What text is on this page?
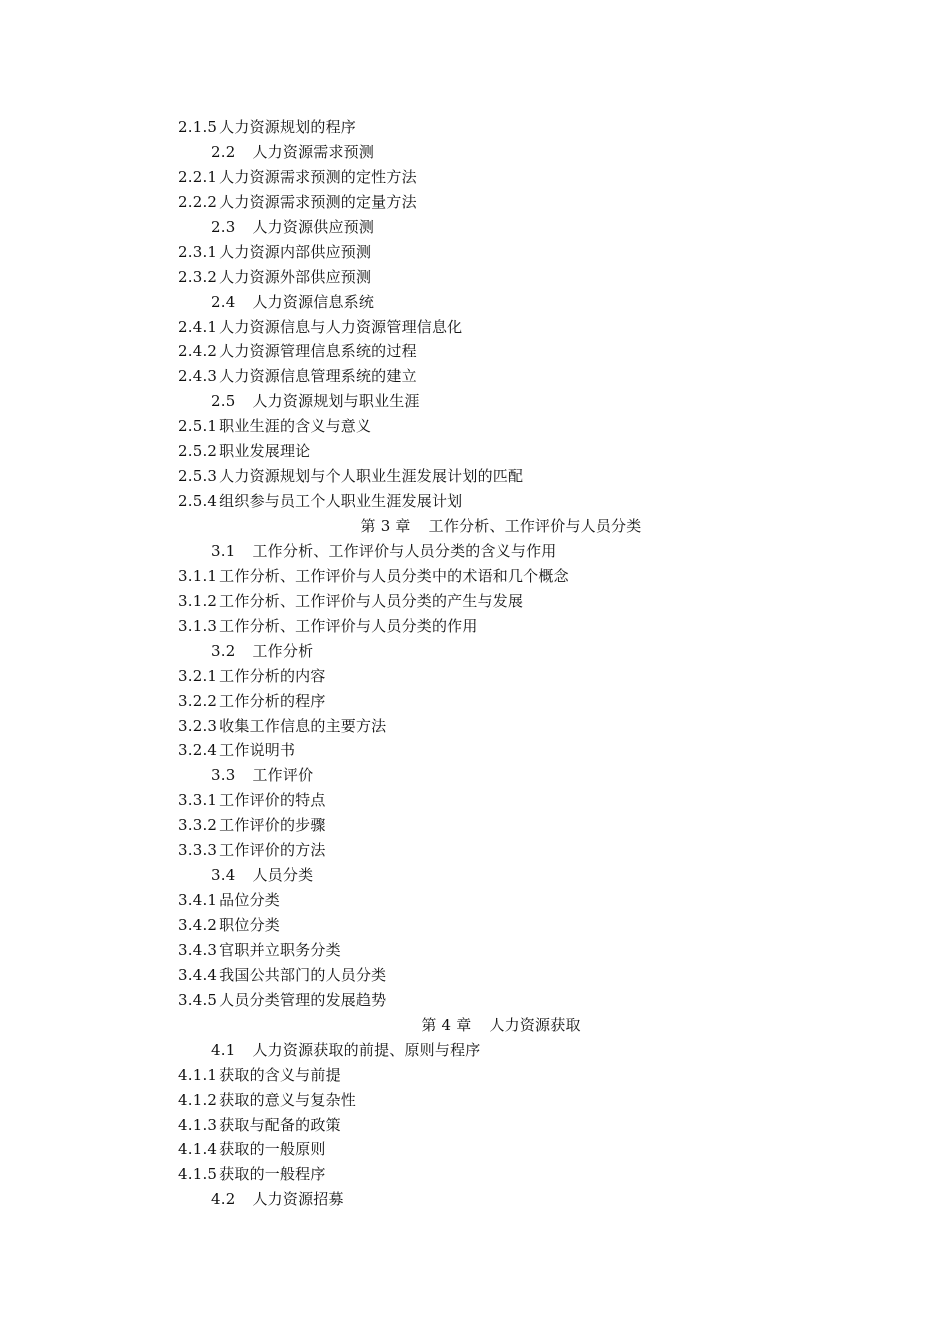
2.1.5 人力资源规划的程序
2.2 人力资源需求预测
2.2.1 人力资源需求预测的定性方法
2.2.2 人力资源需求预测的定量方法
2.3 人力资源供应预测
2.3.1 人力资源内部供应预测
2.3.2 人力资源外部供应预测
2.4 人力资源信息系统
2.4.1 人力资源信息与人力资源管理信息化
2.4.2 人力资源管理信息系统的过程
2.4.3 人力资源信息管理系统的建立
2.5 人力资源规划与职业生涯
2.5.1 职业生涯的含义与意义
2.5.2 职业发展理论
2.5.3 人力资源规划与个人职业生涯发展计划的匹配
2.5.4 组织参与员工个人职业生涯发展计划
第 3 章 工作分析、工作评价与人员分类
3.1 工作分析、工作评价与人员分类的含义与作用
3.1.1 工作分析、工作评价与人员分类中的术语和几个概念
3.1.2 工作分析、工作评价与人员分类的产生与发展
3.1.3 工作分析、工作评价与人员分类的作用
3.2 工作分析
3.2.1 工作分析的内容
3.2.2 工作分析的程序
3.2.3 收集工作信息的主要方法
3.2.4 工作说明书
3.3 工作评价
3.3.1 工作评价的特点
3.3.2 工作评价的步骤
3.3.3 工作评价的方法
3.4 人员分类
3.4.1 品位分类
3.4.2 职位分类
3.4.3 官职并立职务分类
3.4.4 我国公共部门的人员分类
3.4.5 人员分类管理的发展趋势
第 4 章 人力资源获取
4.1 人力资源获取的前提、原则与程序
4.1.1 获取的含义与前提
4.1.2 获取的意义与复杂性
4.1.3 获取与配备的政策
4.1.4 获取的一般原则
4.1.5 获取的一般程序
4.2 人力资源招募
